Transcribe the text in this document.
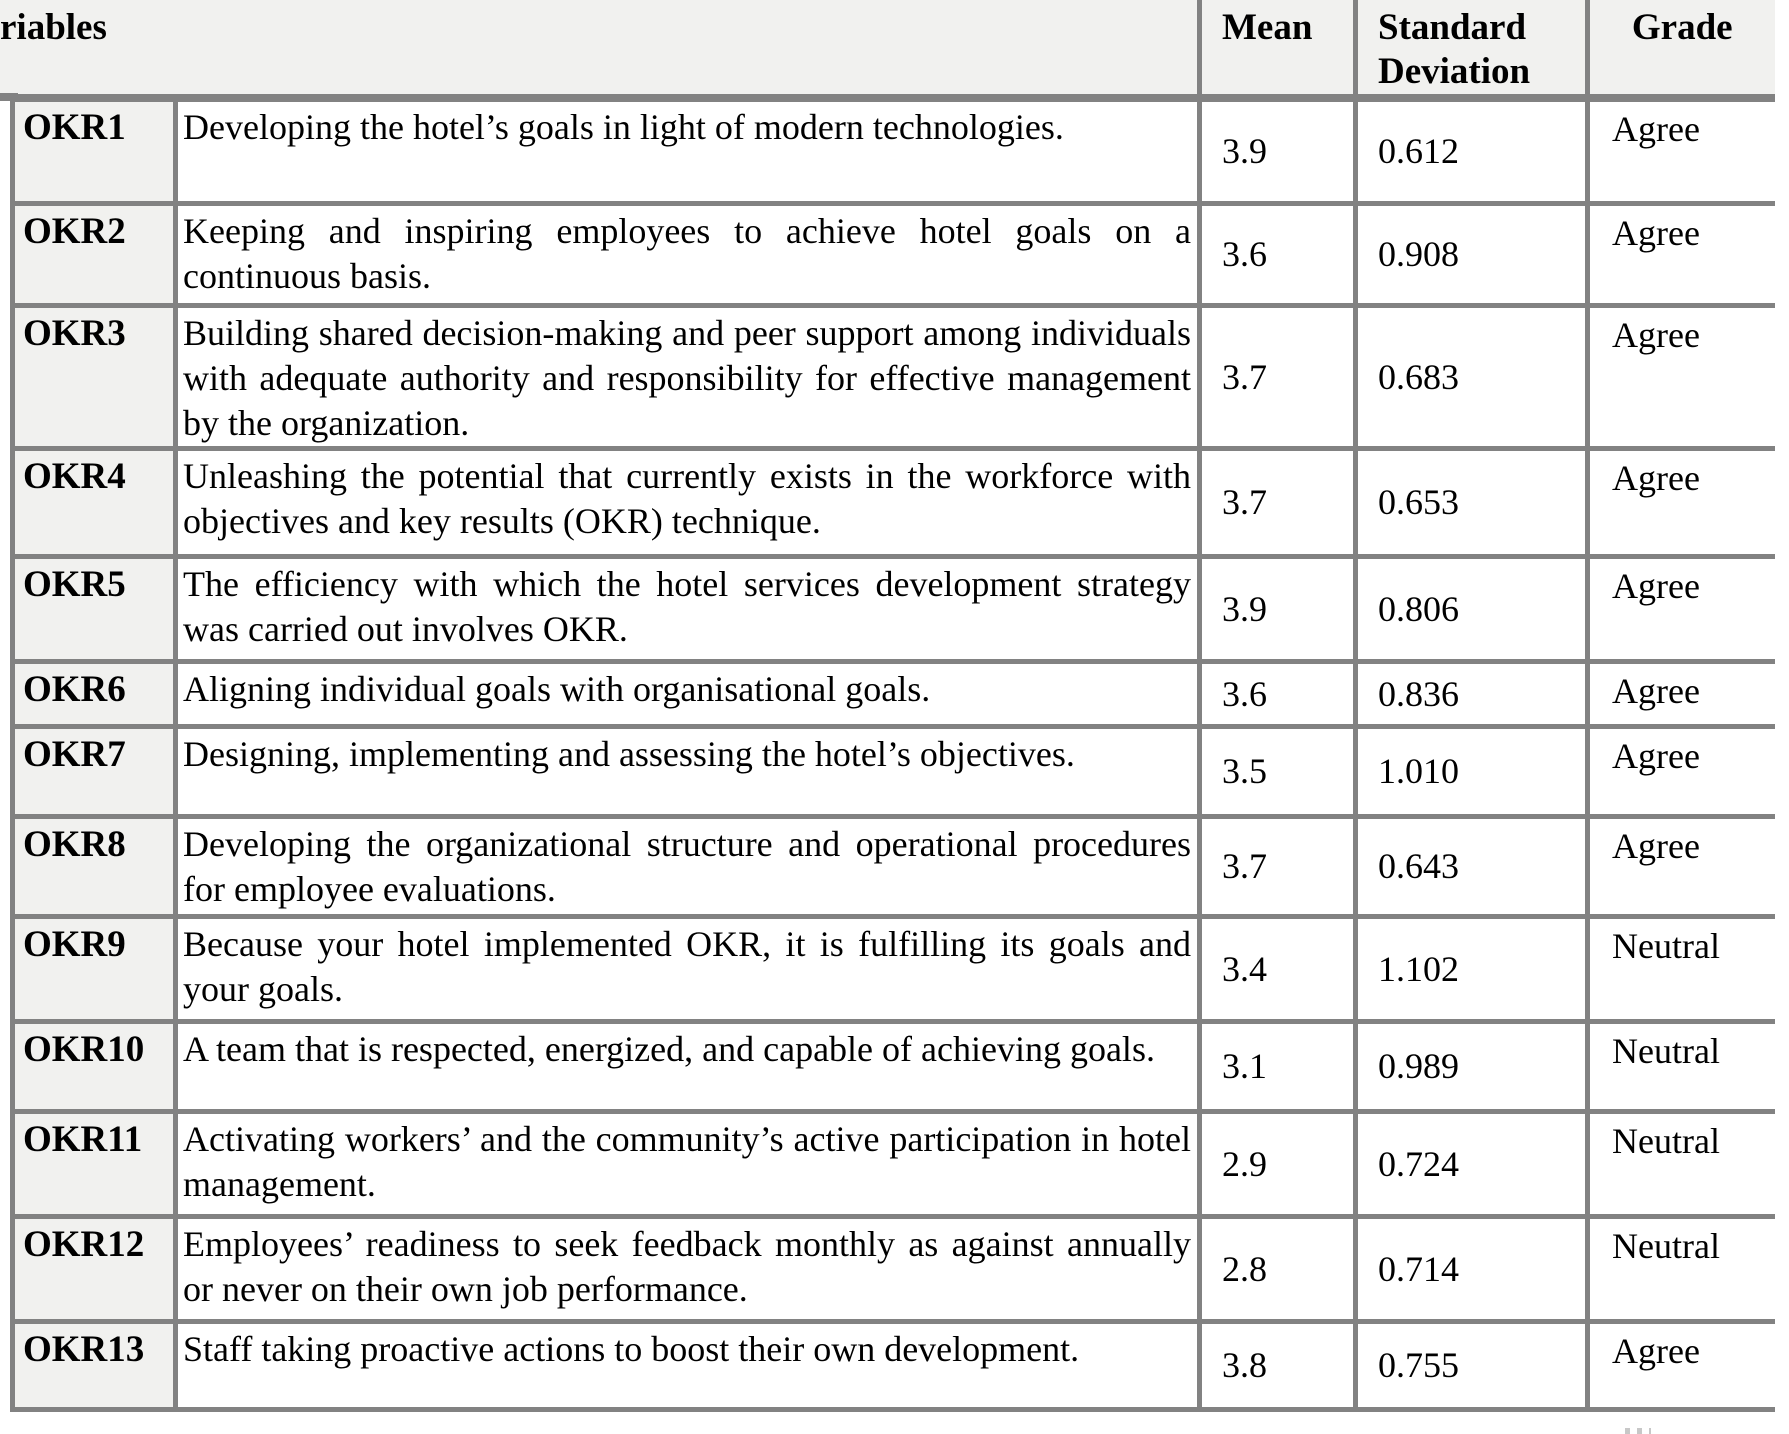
		Mean	Standard Deviation	Grade
OKR1	Developing the hotel’s goals in light of modern technologies.	3.9	0.612	Agree
OKR2	Keeping and inspiring employees to achieve hotel goals on a continuous basis.	3.6	0.908	Agree
OKR3	Building shared decision-making and peer support among individuals with adequate authority and responsibility for effective management by the organization.	3.7	0.683	Agree
OKR4	Unleashing the potential that currently exists in the workforce with objectives and key results (OKR) technique.	3.7	0.653	Agree
OKR5	The efficiency with which the hotel services development strategy was carried out involves OKR.	3.9	0.806	Agree
OKR6	Aligning individual goals with organisational goals.	3.6	0.836	Agree
OKR7	Designing, implementing and assessing the hotel’s objectives.	3.5	1.010	Agree
OKR8	Developing the organizational structure and operational procedures for employee evaluations.	3.7	0.643	Agree
OKR9	Because your hotel implemented OKR, it is fulfilling its goals and your goals.	3.4	1.102	Neutral
OKR10	A team that is respected, energized, and capable of achieving goals.	3.1	0.989	Neutral
OKR11	Activating workers’ and the community’s active participation in hotel management.	2.9	0.724	Neutral
OKR12	Employees’ readiness to seek feedback monthly as against annually or never on their own job performance.	2.8	0.714	Neutral
OKR13	Staff taking proactive actions to boost their own development.	3.8	0.755	Agree
riables
